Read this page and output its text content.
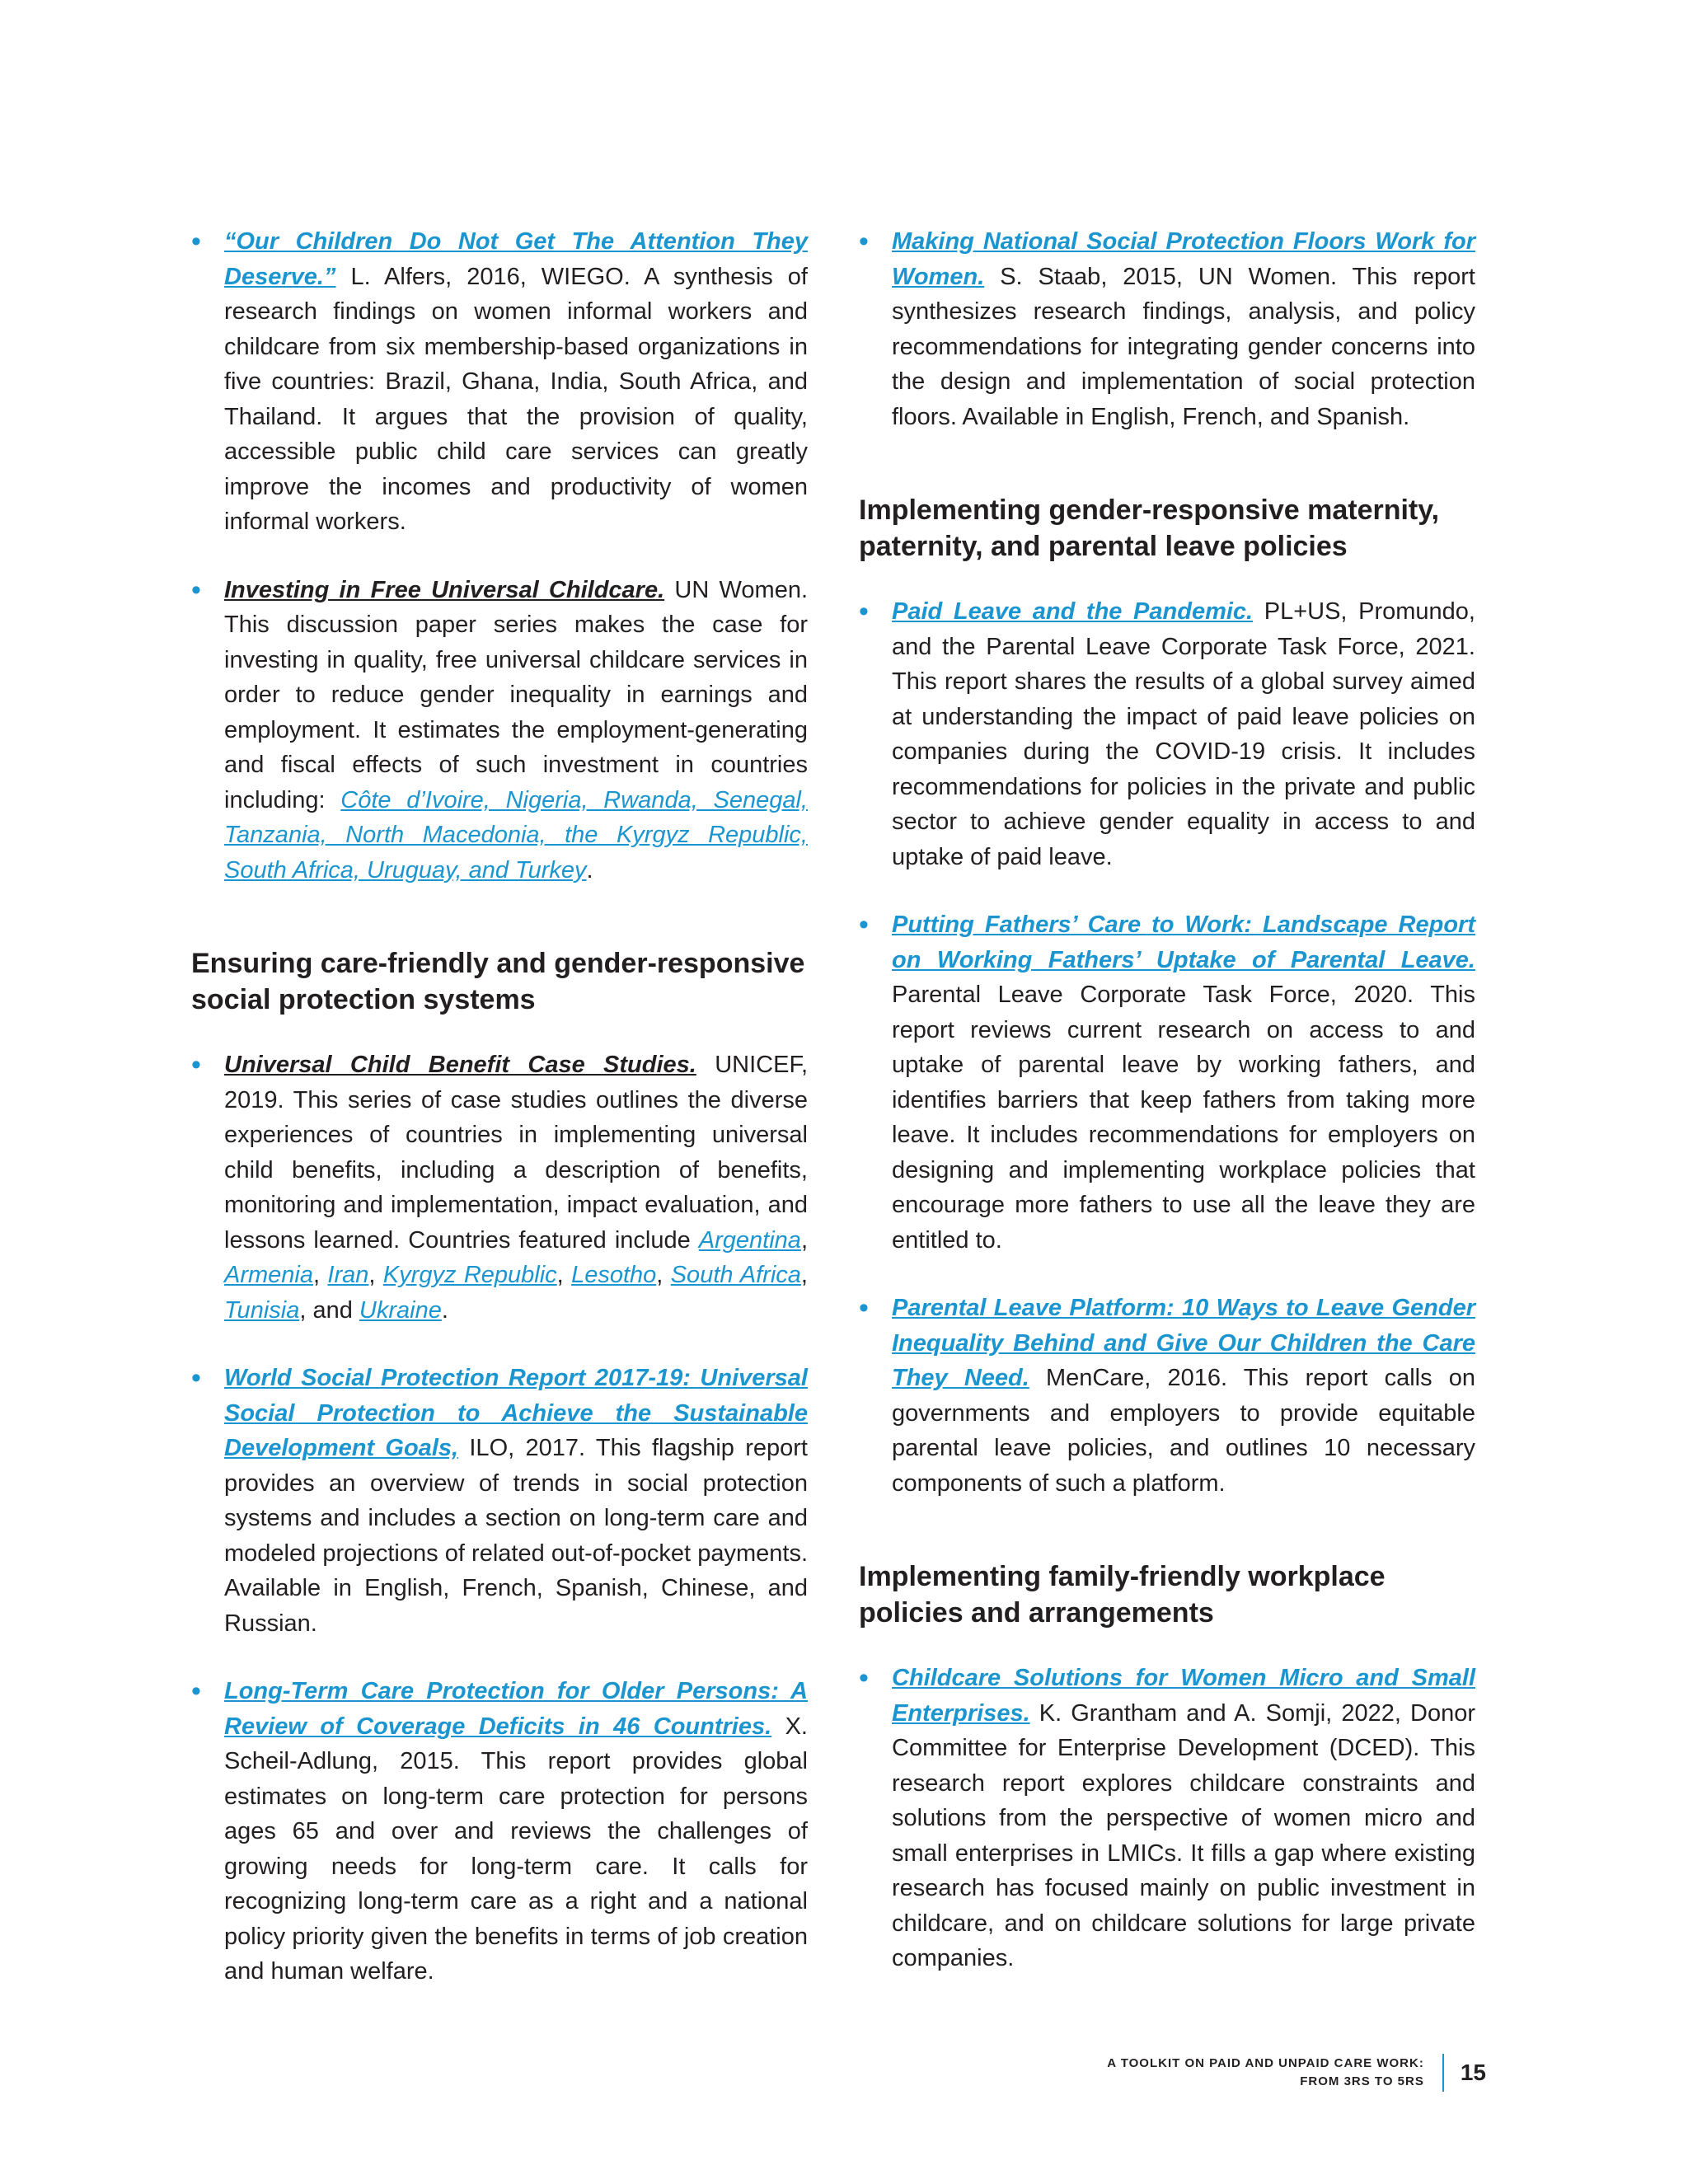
• “Our Children Do Not Get The Attention They Deserve.” L. Alfers, 2016, WIEGO. A synthesis of research findings on women informal workers and childcare from six membership-based organizations in five countries: Brazil, Ghana, India, South Africa, and Thailand. It argues that the provision of quality, accessible public child care services can greatly improve the incomes and productivity of women informal workers.
• Investing in Free Universal Childcare. UN Women. This discussion paper series makes the case for investing in quality, free universal childcare services in order to reduce gender inequality in earnings and employment. It estimates the employment-generating and fiscal effects of such investment in countries including: Côte d’Ivoire, Nigeria, Rwanda, Senegal, Tanzania, North Macedonia, the Kyrgyz Republic, South Africa, Uruguay, and Turkey.
Ensuring care-friendly and gender-responsive social protection systems
• Universal Child Benefit Case Studies. UNICEF, 2019. This series of case studies outlines the diverse experiences of countries in implementing universal child benefits, including a description of benefits, monitoring and implementation, impact evaluation, and lessons learned. Countries featured include Argentina, Armenia, Iran, Kyrgyz Republic, Lesotho, South Africa, Tunisia, and Ukraine.
• World Social Protection Report 2017-19: Universal Social Protection to Achieve the Sustainable Development Goals, ILO, 2017. This flagship report provides an overview of trends in social protection systems and includes a section on long-term care and modeled projections of related out-of-pocket payments. Available in English, French, Spanish, Chinese, and Russian.
• Long-Term Care Protection for Older Persons: A Review of Coverage Deficits in 46 Countries. X. Scheil-Adlung, 2015. This report provides global estimates on long-term care protection for persons ages 65 and over and reviews the challenges of growing needs for long-term care. It calls for recognizing long-term care as a right and a national policy priority given the benefits in terms of job creation and human welfare.
• Making National Social Protection Floors Work for Women. S. Staab, 2015, UN Women. This report synthesizes research findings, analysis, and policy recommendations for integrating gender concerns into the design and implementation of social protection floors. Available in English, French, and Spanish.
Implementing gender-responsive maternity, paternity, and parental leave policies
• Paid Leave and the Pandemic. PL+US, Promundo, and the Parental Leave Corporate Task Force, 2021. This report shares the results of a global survey aimed at understanding the impact of paid leave policies on companies during the COVID-19 crisis. It includes recommendations for policies in the private and public sector to achieve gender equality in access to and uptake of paid leave.
• Putting Fathers’ Care to Work: Landscape Report on Working Fathers’ Uptake of Parental Leave. Parental Leave Corporate Task Force, 2020. This report reviews current research on access to and uptake of parental leave by working fathers, and identifies barriers that keep fathers from taking more leave. It includes recommendations for employers on designing and implementing workplace policies that encourage more fathers to use all the leave they are entitled to.
• Parental Leave Platform: 10 Ways to Leave Gender Inequality Behind and Give Our Children the Care They Need. MenCare, 2016. This report calls on governments and employers to provide equitable parental leave policies, and outlines 10 necessary components of such a platform.
Implementing family-friendly workplace policies and arrangements
• Childcare Solutions for Women Micro and Small Enterprises. K. Grantham and A. Somji, 2022, Donor Committee for Enterprise Development (DCED). This research report explores childcare constraints and solutions from the perspective of women micro and small enterprises in LMICs. It fills a gap where existing research has focused mainly on public investment in childcare, and on childcare solutions for large private companies.
A TOOLKIT ON PAID AND UNPAID CARE WORK:
FROM 3RS TO 5RS 15
